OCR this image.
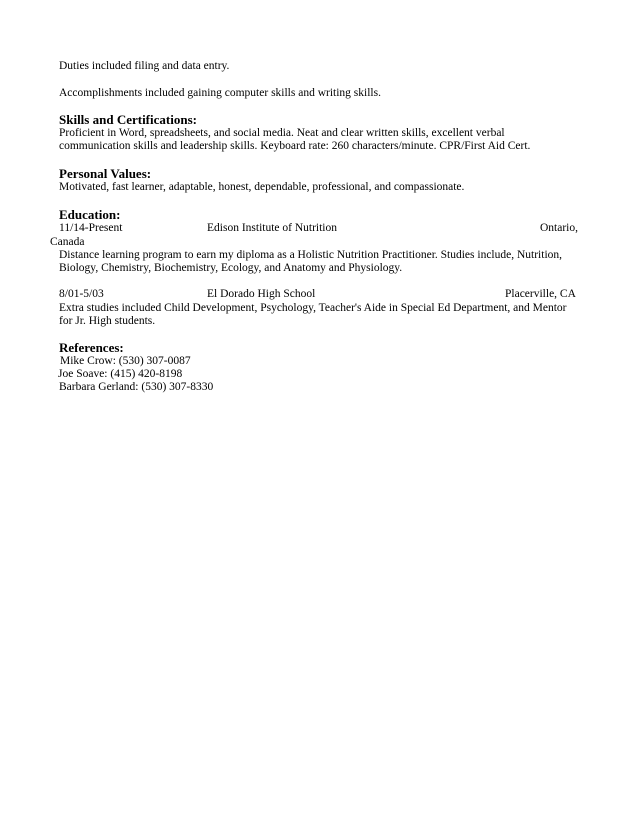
Duties included filing and data entry.
Accomplishments included gaining computer skills and writing skills.
Skills and Certifications:
Proficient in Word, spreadsheets, and social media. Neat and clear written skills, excellent verbal
communication skills and leadership skills. Keyboard rate: 260 characters/minute. CPR/First Aid Cert.
Personal Values:
Motivated, fast learner, adaptable, honest, dependable, professional, and compassionate.
Education:
11/14-Present	Edison Institute of Nutrition	Ontario,
Canada
Distance learning program to earn my diploma as a Holistic Nutrition Practitioner. Studies include, Nutrition,
Biology, Chemistry, Biochemistry, Ecology, and Anatomy and Physiology.
8/01-5/03	El Dorado High School	Placerville, CA
Extra studies included Child Development, Psychology, Teacher's Aide in Special Ed Department, and Mentor
for Jr. High students.
References:
Mike Crow: (530) 307-0087
Joe Soave: (415) 420-8198
Barbara Gerland: (530) 307-8330
